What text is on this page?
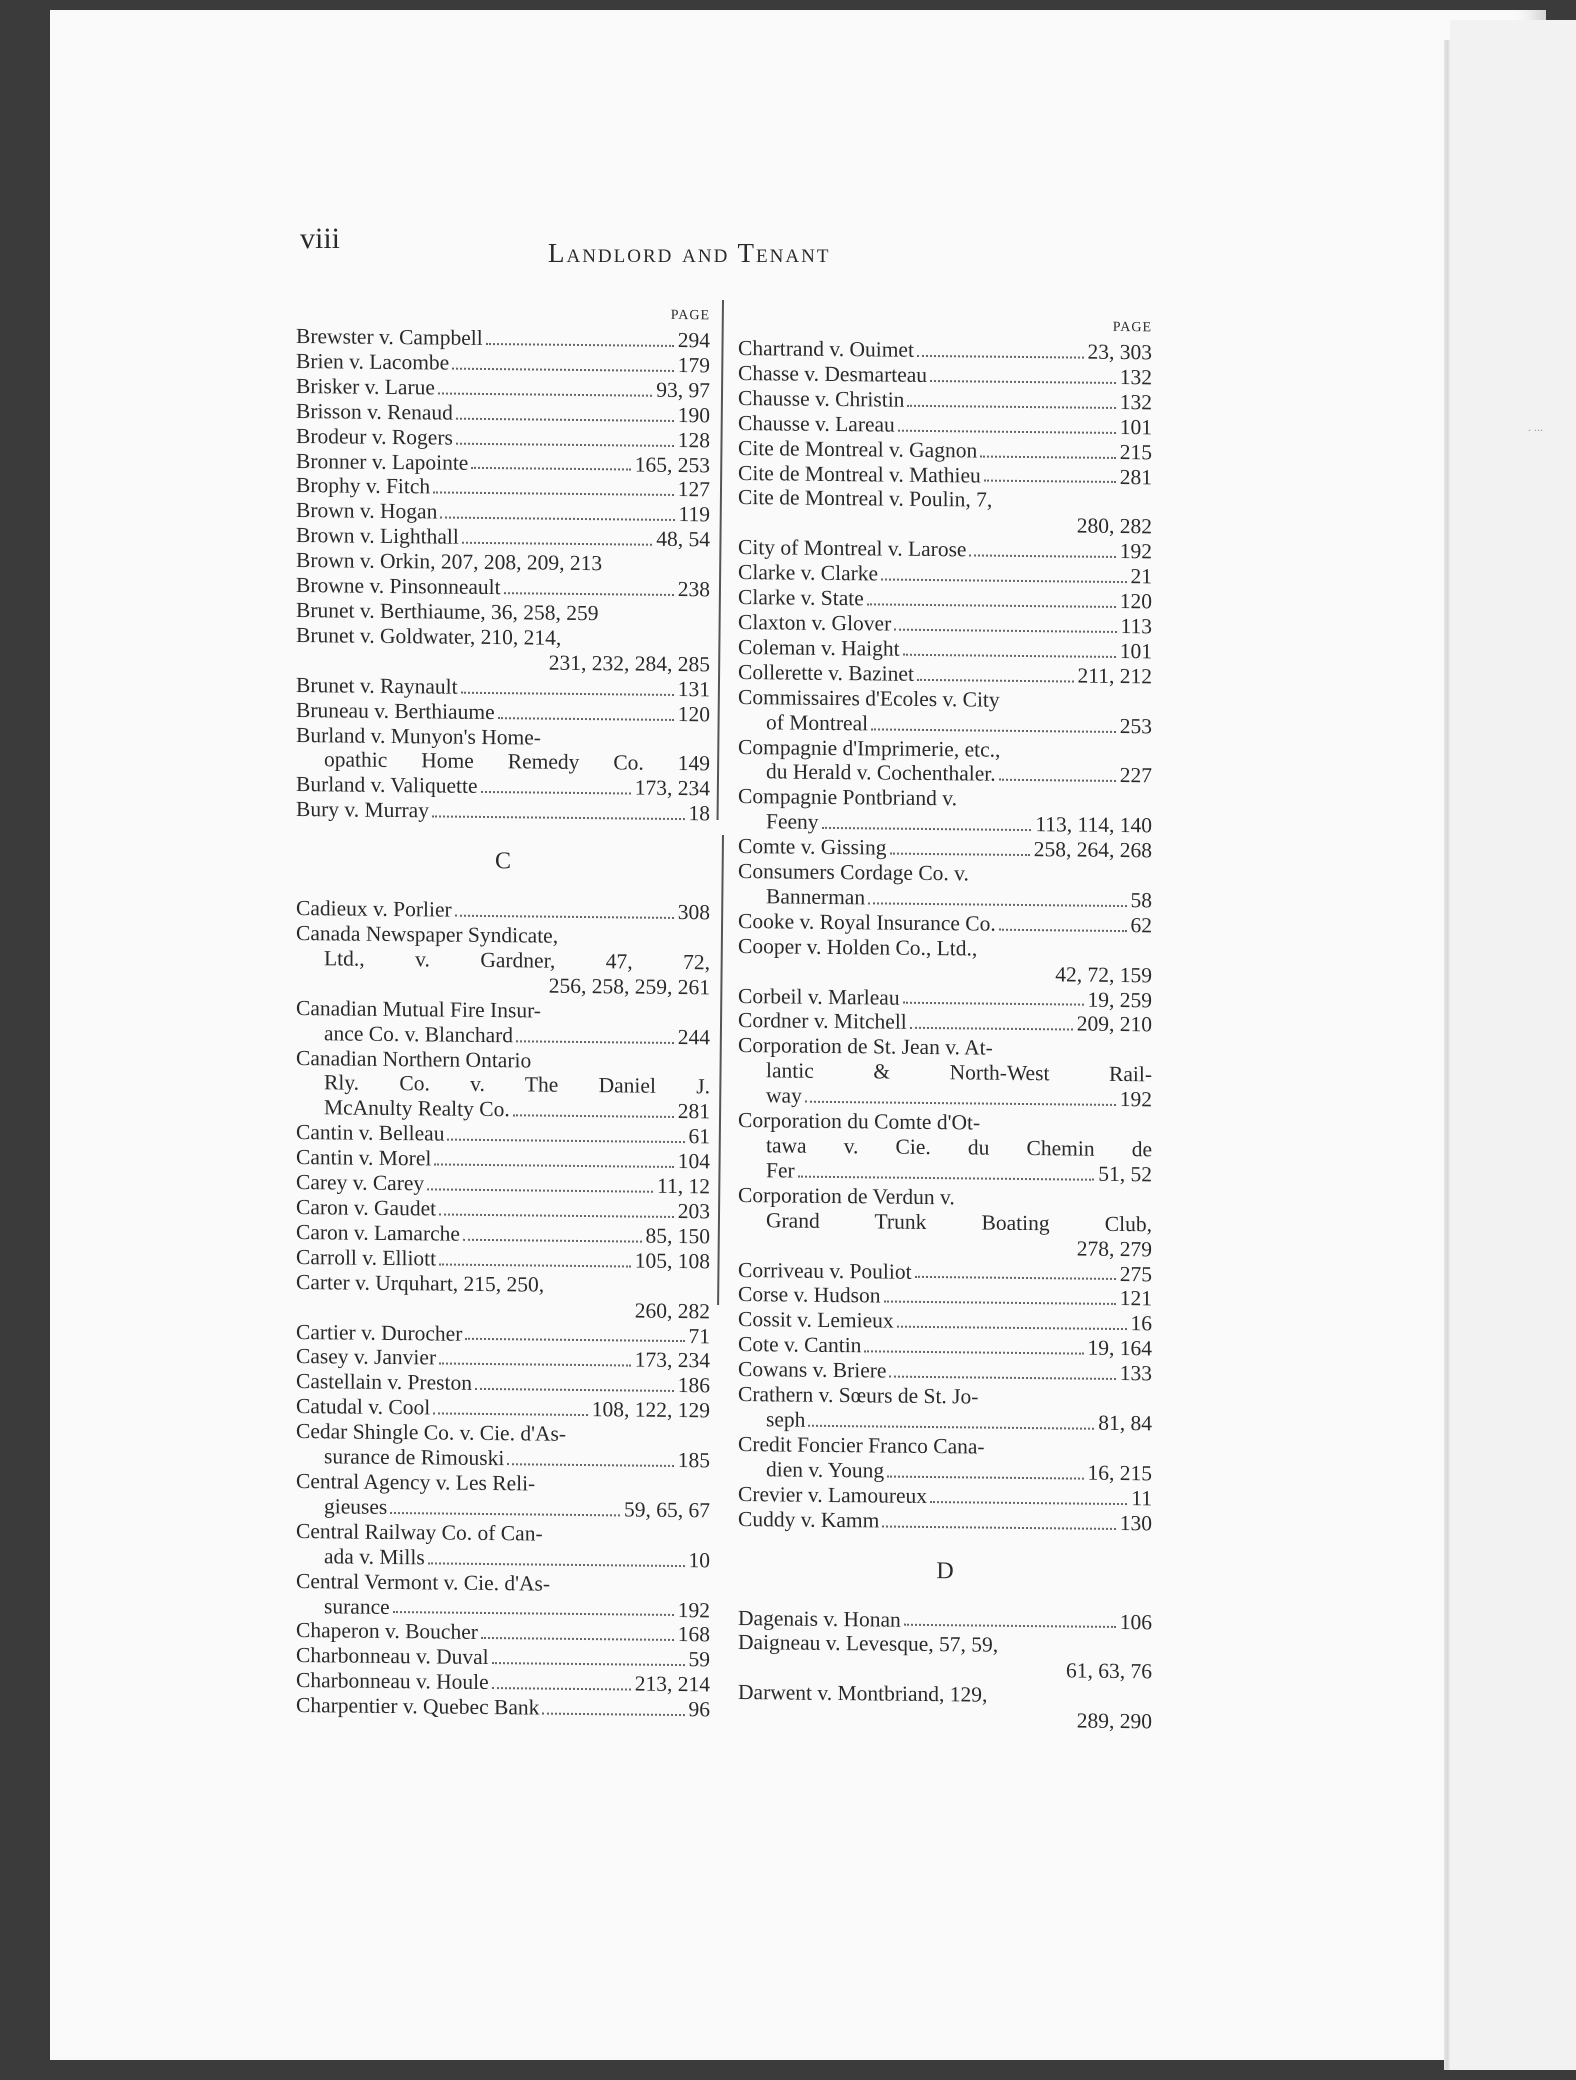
. ...
viii	Landlord and Tenant
PAGE
Brewster v. Campbell	294
Brien v. Lacombe	179
Brisker v. Larue	93, 97
Brisson v. Renaud	190
Brodeur v. Rogers	128
Bronner v. Lapointe	165, 253
Brophy v. Fitch	127
Brown v. Hogan	119
Brown v. Lighthall	48, 54
Brown v. Orkin, 207, 208, 209, 213
Browne v. Pinsonneault	238
Brunet v. Berthiaume, 36, 258, 259
Brunet v. Goldwater, 210, 214,
231, 232, 284, 285
Brunet v. Raynault	131
Bruneau v. Berthiaume	120
Burland v. Munyon's Home-
opathic Home Remedy Co. 149
Burland v. Valiquette	173, 234
Bury v. Murray	18
C
Cadieux v. Porlier	308
Canada Newspaper Syndicate,
Ltd., v. Gardner, 47, 72,
256, 258, 259, 261
Canadian Mutual Fire Insur-
ance Co. v. Blanchard	244
Canadian Northern Ontario
Rly. Co. v. The Daniel J.
McAnulty Realty Co.	281
Cantin v. Belleau	61
Cantin v. Morel	104
Carey v. Carey	11, 12
Caron v. Gaudet	203
Caron v. Lamarche	85, 150
Carroll v. Elliott	105, 108
Carter v. Urquhart, 215, 250,
260, 282
Cartier v. Durocher	71
Casey v. Janvier	173, 234
Castellain v. Preston	186
Catudal v. Cool	108, 122, 129
Cedar Shingle Co. v. Cie. d'As-
surance de Rimouski	185
Central Agency v. Les Reli-
gieuses	59, 65, 67
Central Railway Co. of Can-
ada v. Mills	10
Central Vermont v. Cie. d'As-
surance	192
Chaperon v. Boucher	168
Charbonneau v. Duval	59
Charbonneau v. Houle	213, 214
Charpentier v. Quebec Bank	96
PAGE
Chartrand v. Ouimet	23, 303
Chasse v. Desmarteau	132
Chausse v. Christin	132
Chausse v. Lareau	101
Cite de Montreal v. Gagnon	215
Cite de Montreal v. Mathieu	281
Cite de Montreal v. Poulin, 7,
280, 282
City of Montreal v. Larose	192
Clarke v. Clarke	21
Clarke v. State	120
Claxton v. Glover	113
Coleman v. Haight	101
Collerette v. Bazinet	211, 212
Commissaires d'Ecoles v. City
of Montreal	253
Compagnie d'Imprimerie, etc.,
du Herald v. Cochenthaler.	227
Compagnie Pontbriand v.
Feeny	113, 114, 140
Comte v. Gissing	258, 264, 268
Consumers Cordage Co. v.
Bannerman	58
Cooke v. Royal Insurance Co.	62
Cooper v. Holden Co., Ltd.,
42, 72, 159
Corbeil v. Marleau	19, 259
Cordner v. Mitchell	209, 210
Corporation de St. Jean v. At-
lantic & North-West Rail-
way	192
Corporation du Comte d'Ot-
tawa v. Cie. du Chemin de
Fer	51, 52
Corporation de Verdun v.
Grand Trunk Boating Club,
278, 279
Corriveau v. Pouliot	275
Corse v. Hudson	121
Cossit v. Lemieux	16
Cote v. Cantin	19, 164
Cowans v. Briere	133
Crathern v. Sœurs de St. Jo-
seph	81, 84
Credit Foncier Franco Cana-
dien v. Young	16, 215
Crevier v. Lamoureux	11
Cuddy v. Kamm	130
D
Dagenais v. Honan	106
Daigneau v. Levesque, 57, 59,
61, 63, 76
Darwent v. Montbriand, 129,
289, 290
